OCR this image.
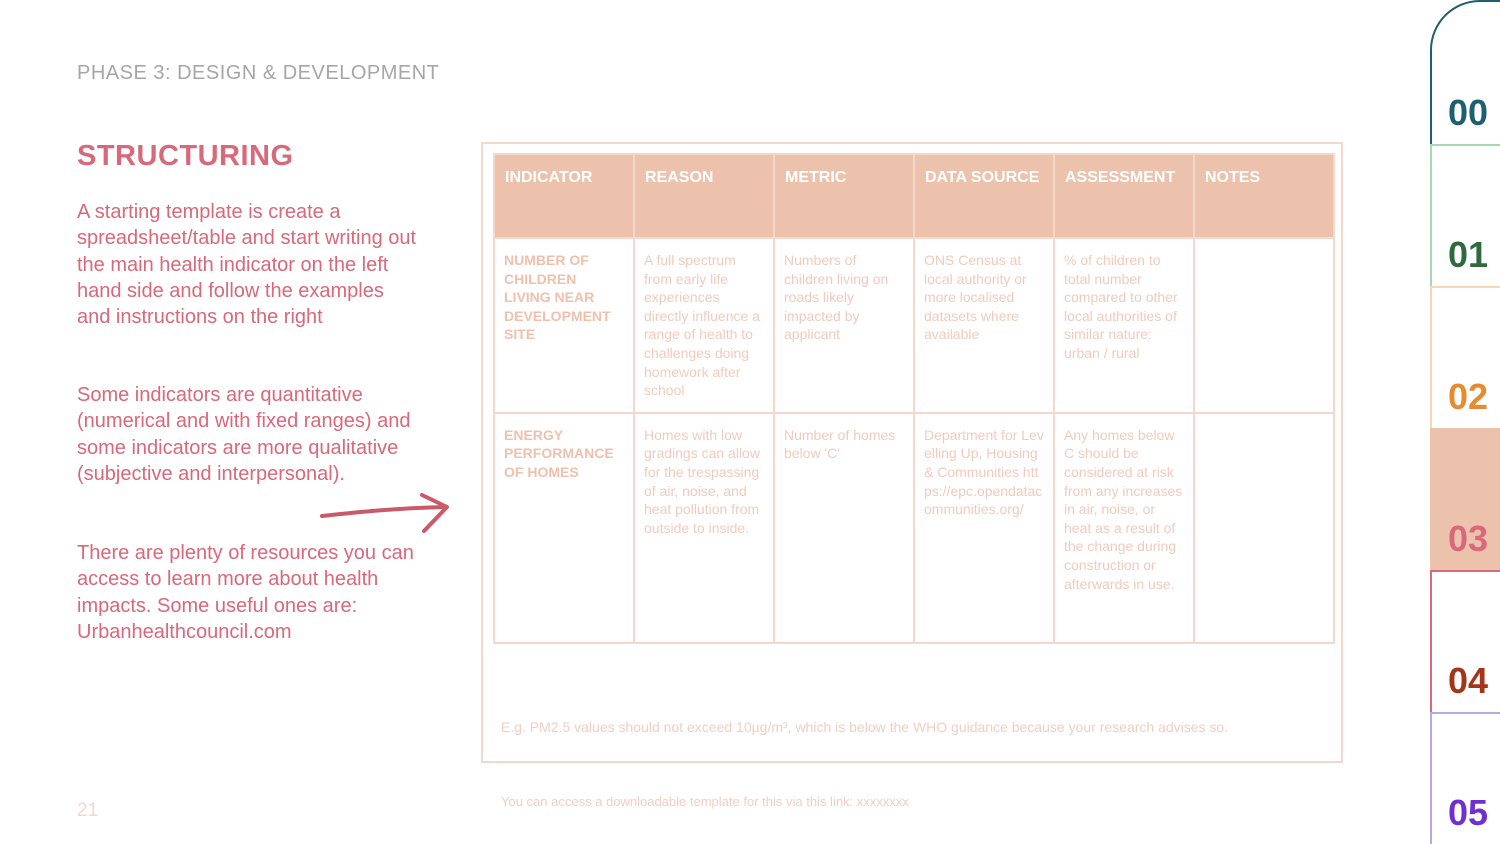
PHASE 3: DESIGN & DEVELOPMENT
STRUCTURING

A starting template is create a spreadsheet/table and start writing out the main health indicator on the left hand side and follow the examples and instructions on the right

Some indicators are quantitative (numerical and with fixed ranges) and some indicators are more qualitative (subjective and interpersonal).

There are plenty of resources you can access to learn more about health impacts. Some useful ones are:
Urbanhealthcouncil.com
INDICATOR	REASON	METRIC	DATA SOURCE	ASSESSMENT	NOTES
NUMBER OF CHILDREN LIVING NEAR DEVELOPMENT SITE	A full spectrum from early life experiences directly influence a range of health to challenges doing homework after school	Numbers of children living on roads likely impacted by applicant	ONS Census at local authority or more localised datasets where available	% of children to total number compared to other local authorities of similar nature: urban / rural	
ENERGY PERFORMANCE OF HOMES	Homes with low gradings can allow for the trespassing of air, noise, and heat pollution from outside to inside.	Number of homes below 'C'	Department for Levelling Up, Housing & Communities https://epc.opendatacommunities.org/	Any homes below C should be considered at risk from any increases in air, noise, or heat as a result of the change during construction or afterwards in use.	
E.g. PM2.5 values should not exceed 10µg/m³, which is below the WHO guidance because your research advises so.
You can access a downloadable template for this via this link: xxxxxxxx
21
00
01
02
03
04
05
